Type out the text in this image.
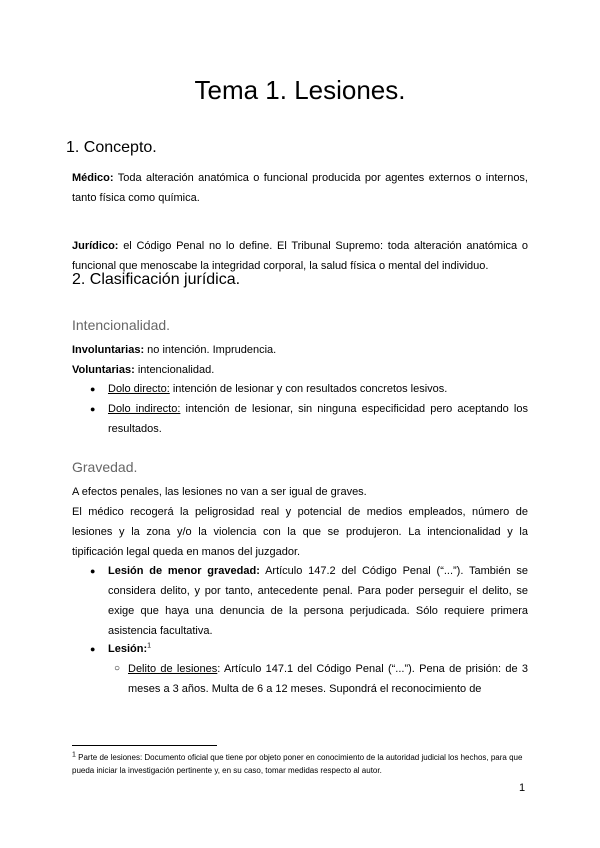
Tema 1. Lesiones.
1. Concepto.
Médico: Toda alteración anatómica o funcional producida por agentes externos o internos, tanto física como química.
Jurídico: el Código Penal no lo define. El Tribunal Supremo: toda alteración anatómica o funcional que menoscabe la integridad corporal, la salud física o mental del individuo.
2. Clasificación jurídica.
Intencionalidad.
Involuntarias: no intención. Imprudencia.
Voluntarias: intencionalidad.
● Dolo directo: intención de lesionar y con resultados concretos lesivos.
● Dolo indirecto: intención de lesionar, sin ninguna especificidad pero aceptando los resultados.
Gravedad.
A efectos penales, las lesiones no van a ser igual de graves.
El médico recogerá la peligrosidad real y potencial de medios empleados, número de lesiones y la zona y/o la violencia con la que se produjeron. La intencionalidad y la tipificación legal queda en manos del juzgador.
● Lesión de menor gravedad: Artículo 147.2 del Código Penal (“...”). También se considera delito, y por tanto, antecedente penal. Para poder perseguir el delito, se exige que haya una denuncia de la persona perjudicada. Sólo requiere primera asistencia facultativa.
● Lesión:$^1$
○ Delito de lesiones: Artículo 147.1 del Código Penal (“...”). Pena de prisión: de 3 meses a 3 años. Multa de 6 a 12 meses. Supondrá el reconocimiento de
$^1$ Parte de lesiones: Documento oficial que tiene por objeto poner en conocimiento de la autoridad judicial los hechos, para que pueda iniciar la investigación pertinente y, en su caso, tomar medidas respecto al autor.
1
